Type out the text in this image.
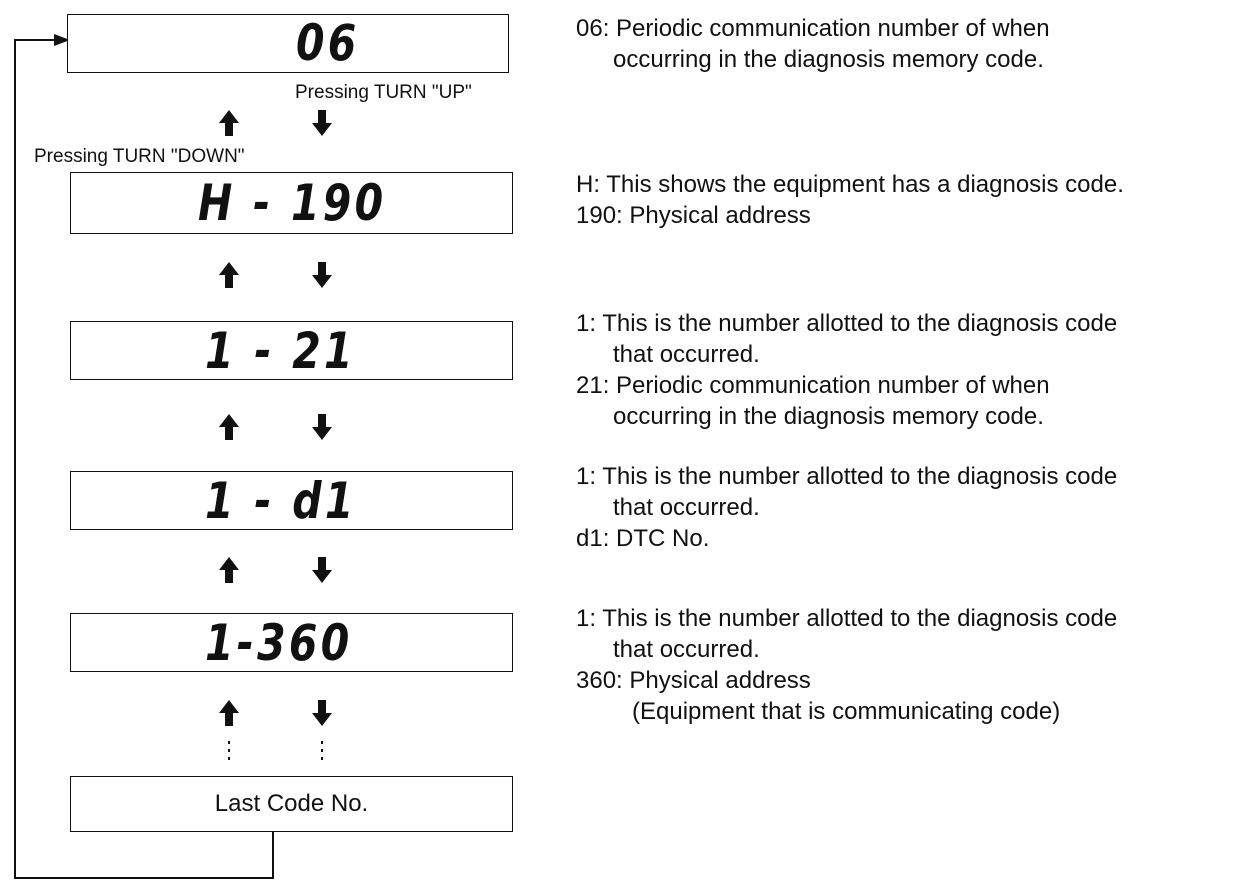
Pressing TURN "UP"
Pressing TURN "DOWN"
06
H - 190
1 - 21
1 - d1
1-360
Last Code No.
06: Periodic communication number of when
occurring in the diagnosis memory code.
H: This shows the equipment has a diagnosis code.
190: Physical address
1: This is the number allotted to the diagnosis code
that occurred.
21: Periodic communication number of when
occurring in the diagnosis memory code.
1: This is the number allotted to the diagnosis code
that occurred.
d1: DTC No.
1: This is the number allotted to the diagnosis code
that occurred.
360: Physical address
(Equipment that is communicating code)
